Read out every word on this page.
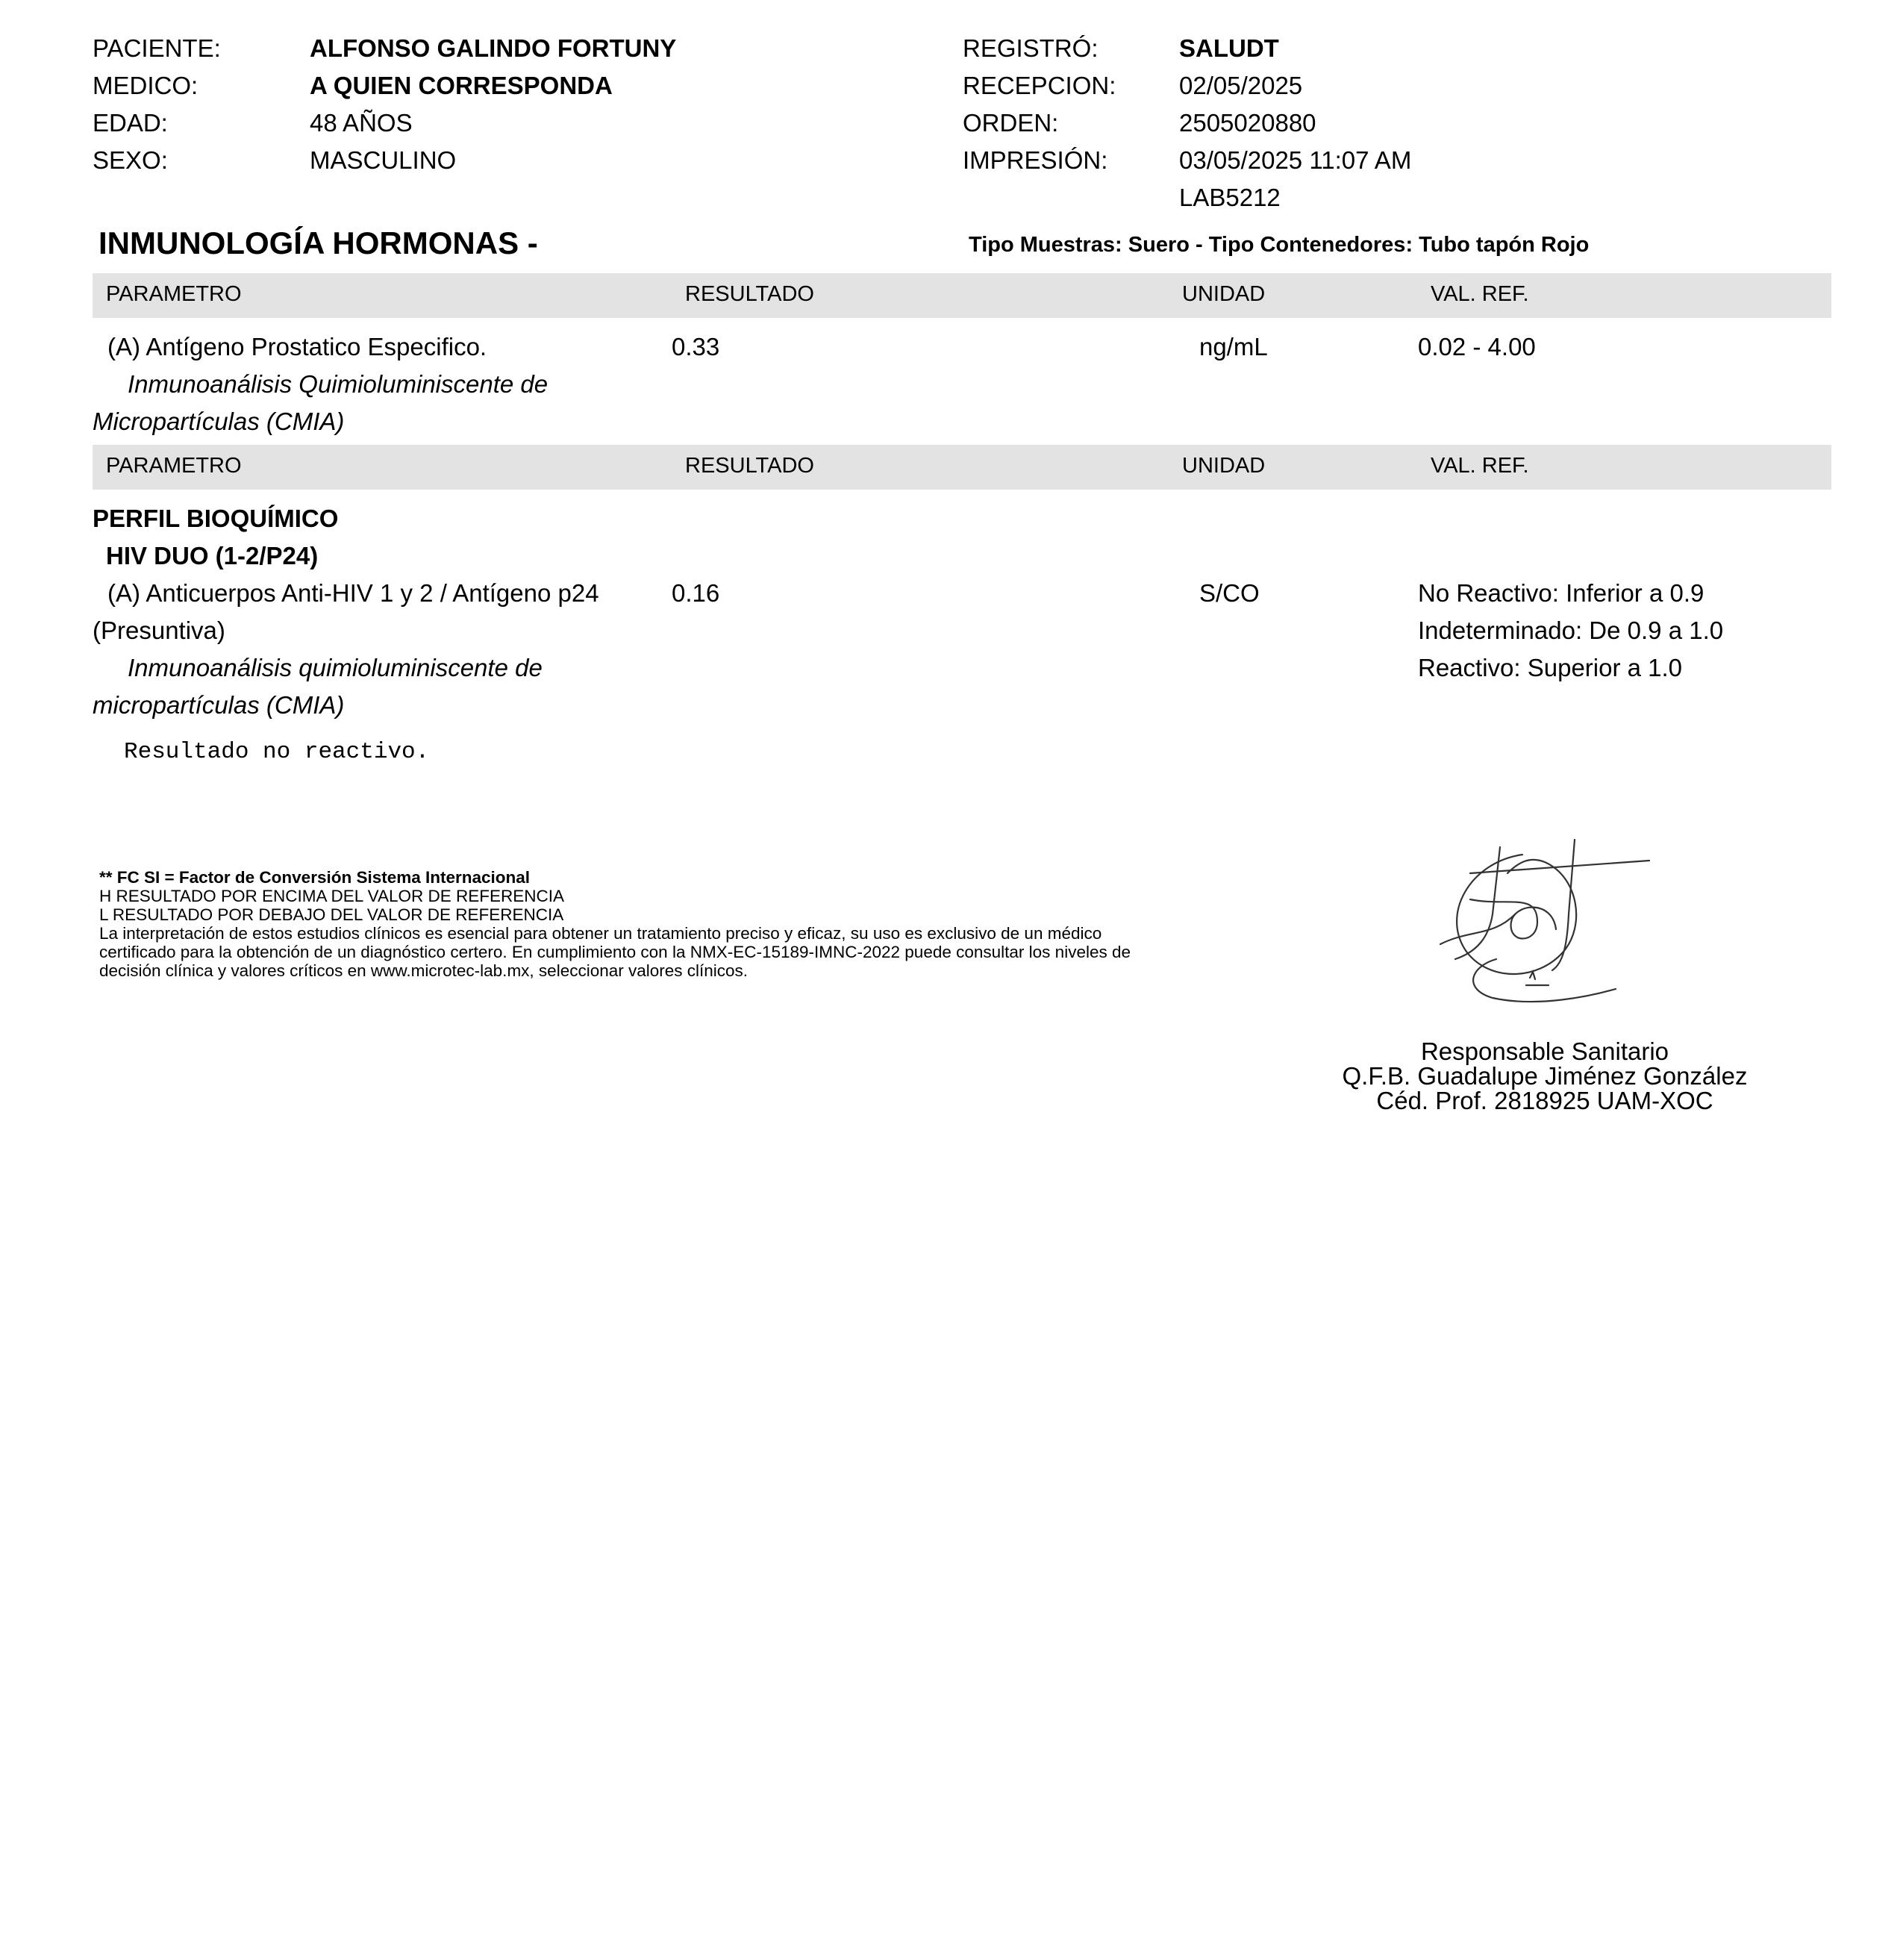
PACIENTE:	ALFONSO GALINDO FORTUNY
MEDICO:	A QUIEN CORRESPONDA
EDAD:	48 AÑOS
SEXO:	MASCULINO
REGISTRÓ:	SALUDT
RECEPCION:	02/05/2025
ORDEN:	2505020880
IMPRESIÓN:	03/05/2025 11:07 AM
LAB5212
INMUNOLOGÍA HORMONAS -	Tipo Muestras: Suero - Tipo Contenedores: Tubo tapón Rojo
PARAMETRO	RESULTADO	UNIDAD	VAL. REF.
(A) Antígeno Prostatico Especifico.
Inmunoanálisis Quimioluminiscente de
Micropartículas (CMIA)
0.33	ng/mL	0.02 - 4.00
PARAMETRO	RESULTADO	UNIDAD	VAL. REF.
PERFIL BIOQUÍMICO
HIV DUO (1-2/P24)
(A) Anticuerpos Anti-HIV 1 y 2 / Antígeno p24
(Presuntiva)
Inmunoanálisis quimioluminiscente de
micropartículas (CMIA)
0.16	S/CO	No Reactivo: Inferior a 0.9
Indeterminado: De 0.9 a 1.0
Reactivo: Superior a 1.0
Resultado no reactivo.
** FC SI = Factor de Conversión Sistema Internacional
H RESULTADO POR ENCIMA DEL VALOR DE REFERENCIA
L RESULTADO POR DEBAJO DEL VALOR DE REFERENCIA
La interpretación de estos estudios clínicos es esencial para obtener un tratamiento preciso y eficaz, su uso es exclusivo de un médico
certificado para la obtención de un diagnóstico certero. En cumplimiento con la NMX-EC-15189-IMNC-2022 puede consultar los niveles de
decisión clínica y valores críticos en www.microtec-lab.mx, seleccionar valores clínicos.
Responsable Sanitario
Q.F.B. Guadalupe Jiménez González
Céd. Prof. 2818925 UAM-XOC
